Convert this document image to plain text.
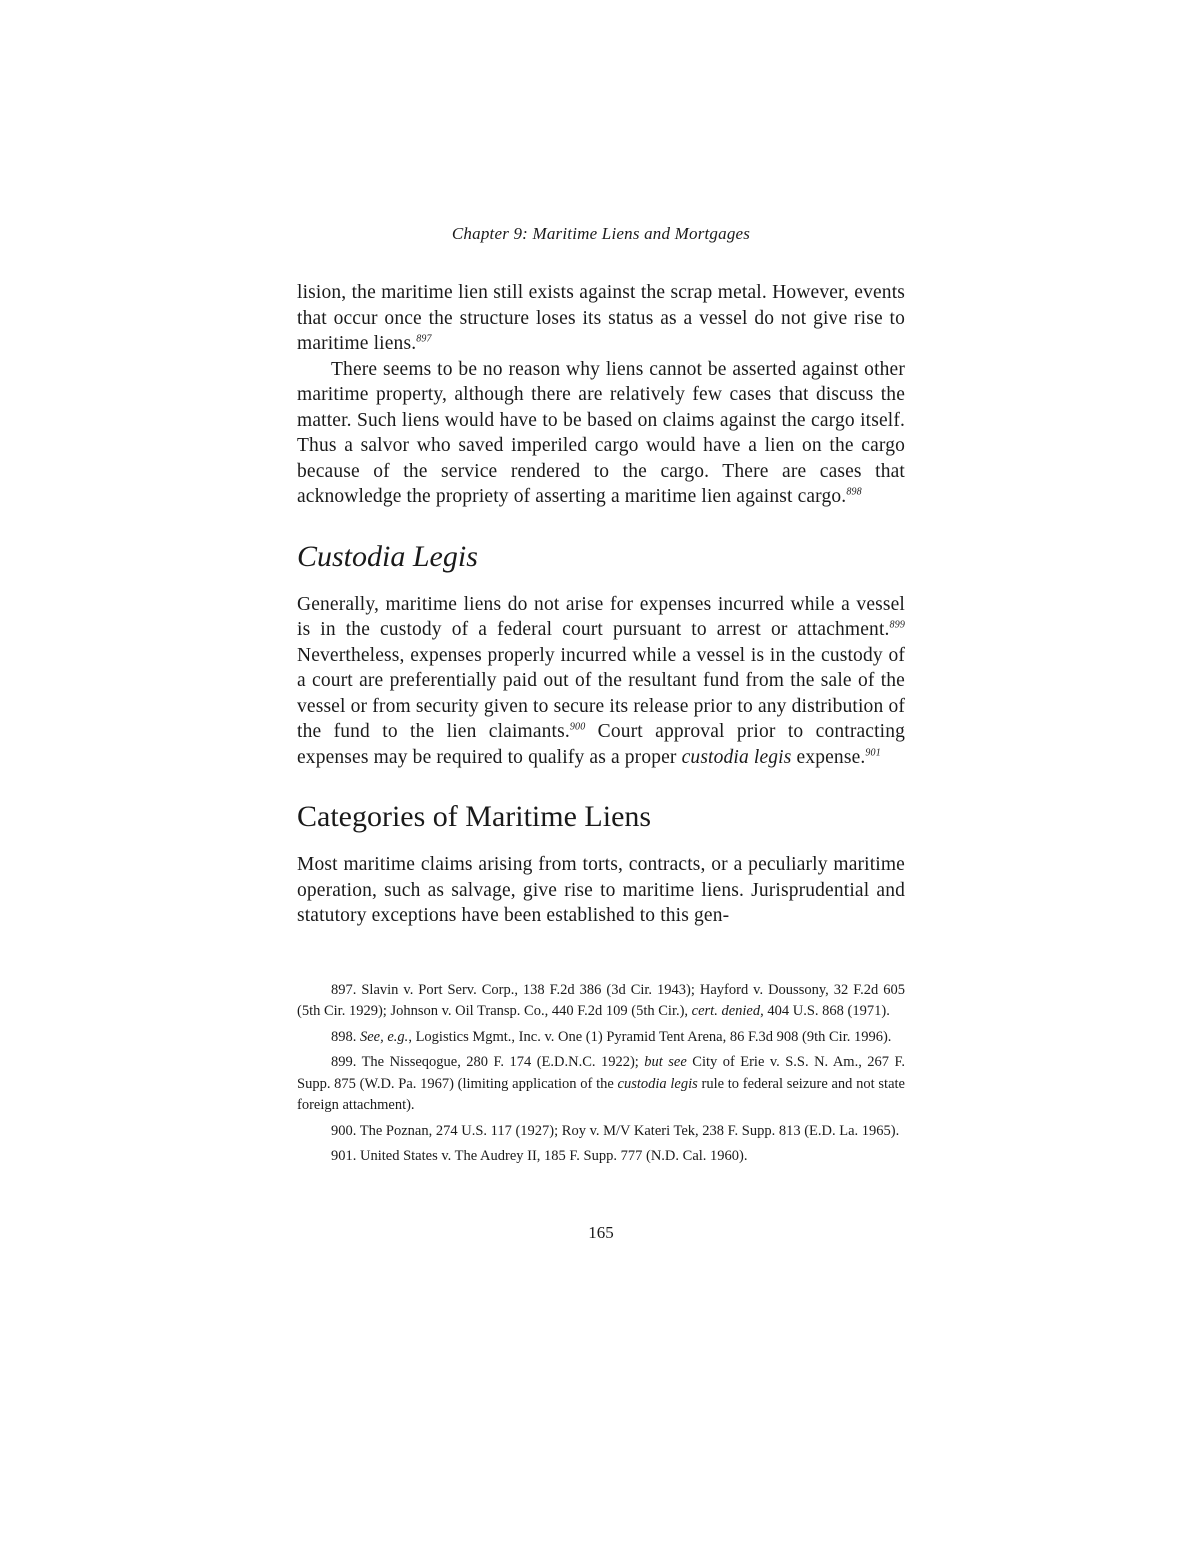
Chapter 9: Maritime Liens and Mortgages

lision, the maritime lien still exists against the scrap metal. However, events that occur once the structure loses its status as a vessel do not give rise to maritime liens.$^{897}$

There seems to be no reason why liens cannot be asserted against other maritime property, although there are relatively few cases that discuss the matter. Such liens would have to be based on claims against the cargo itself. Thus a salvor who saved imperiled cargo would have a lien on the cargo because of the service rendered to the cargo. There are cases that acknowledge the propriety of asserting a maritime lien against cargo.$^{898}$

Custodia Legis

Generally, maritime liens do not arise for expenses incurred while a vessel is in the custody of a federal court pursuant to arrest or attachment.$^{899}$ Nevertheless, expenses properly incurred while a vessel is in the custody of a court are preferentially paid out of the resultant fund from the sale of the vessel or from security given to secure its release prior to any distribution of the fund to the lien claimants.$^{900}$ Court approval prior to contracting expenses may be required to qualify as a proper custodia legis expense.$^{901}$

Categories of Maritime Liens

Most maritime claims arising from torts, contracts, or a peculiarly maritime operation, such as salvage, give rise to maritime liens. Jurisprudential and statutory exceptions have been established to this gen-

897. Slavin v. Port Serv. Corp., 138 F.2d 386 (3d Cir. 1943); Hayford v. Doussony, 32 F.2d 605 (5th Cir. 1929); Johnson v. Oil Transp. Co., 440 F.2d 109 (5th Cir.), cert. denied, 404 U.S. 868 (1971).

898. See, e.g., Logistics Mgmt., Inc. v. One (1) Pyramid Tent Arena, 86 F.3d 908 (9th Cir. 1996).

899. The Nisseqogue, 280 F. 174 (E.D.N.C. 1922); but see City of Erie v. S.S. N. Am., 267 F. Supp. 875 (W.D. Pa. 1967) (limiting application of the custodia legis rule to federal seizure and not state foreign attachment).

900. The Poznan, 274 U.S. 117 (1927); Roy v. M/V Kateri Tek, 238 F. Supp. 813 (E.D. La. 1965).

901. United States v. The Audrey II, 185 F. Supp. 777 (N.D. Cal. 1960).

165
